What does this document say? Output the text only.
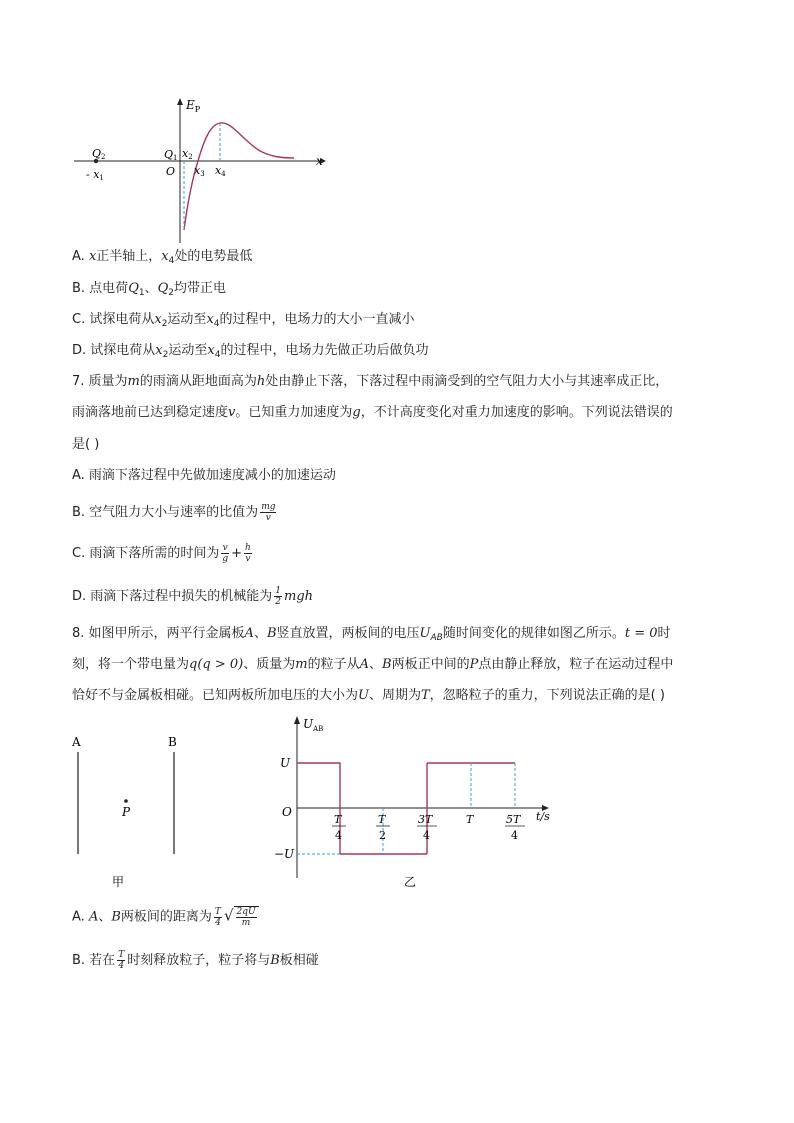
$E_P$
x
O
Q1
Q2
- x1
x2
x3 x4
A. x正半轴上，$x_4$处的电势最低
B. 点电荷$Q_1$、$Q_2$均带正电
C. 试探电荷从$x_2$运动至$x_4$的过程中，电场力的大小一直减小
D. 试探电荷从$x_2$运动至$x_4$的过程中，电场力先做正功后做负功
7. 质量为m的雨滴从距地面高为h处由静止下落，下落过程中雨滴受到的空气阻力大小与其速率成正比，
雨滴落地前已达到稳定速度v。已知重力加速度为g，不计高度变化对重力加速度的影响。下列说法错误的
是( )
A. 雨滴下落过程中先做加速度减小的加速运动
B. 空气阻力大小与速率的比值为 $\frac{mg}{v}$
C. 雨滴下落所需的时间为 $\frac{v}{g} + \frac{h}{v}$
D. 雨滴下落过程中损失的机械能为 $\frac{1}{2}$ mgh
8. 如图甲所示，两平行金属板A、B竖直放置，两板间的电压$U_{AB}$随时间变化的规律如图乙所示。t = 0时
刻，将一个带电量为q(q > 0)、质量为m的粒子从A、B两板正中间的P点由静止释放，粒子在运动过程中
恰好不与金属板相碰。已知两板所加电压的大小为U、周期为T，忽略粒子的重力，下列说法正确的是( )
A	B
P
甲
$U_{AB}$
U
−U
O	t/s
T
4
T
2
3T
4
T	5T
4
乙
A. A、B两板间的距离为 $\frac{T}{4}$ √ $\frac{2qU}{m}$
B. 若在 $\frac{T}{4}$ 时刻释放粒子，粒子将与B板相碰
